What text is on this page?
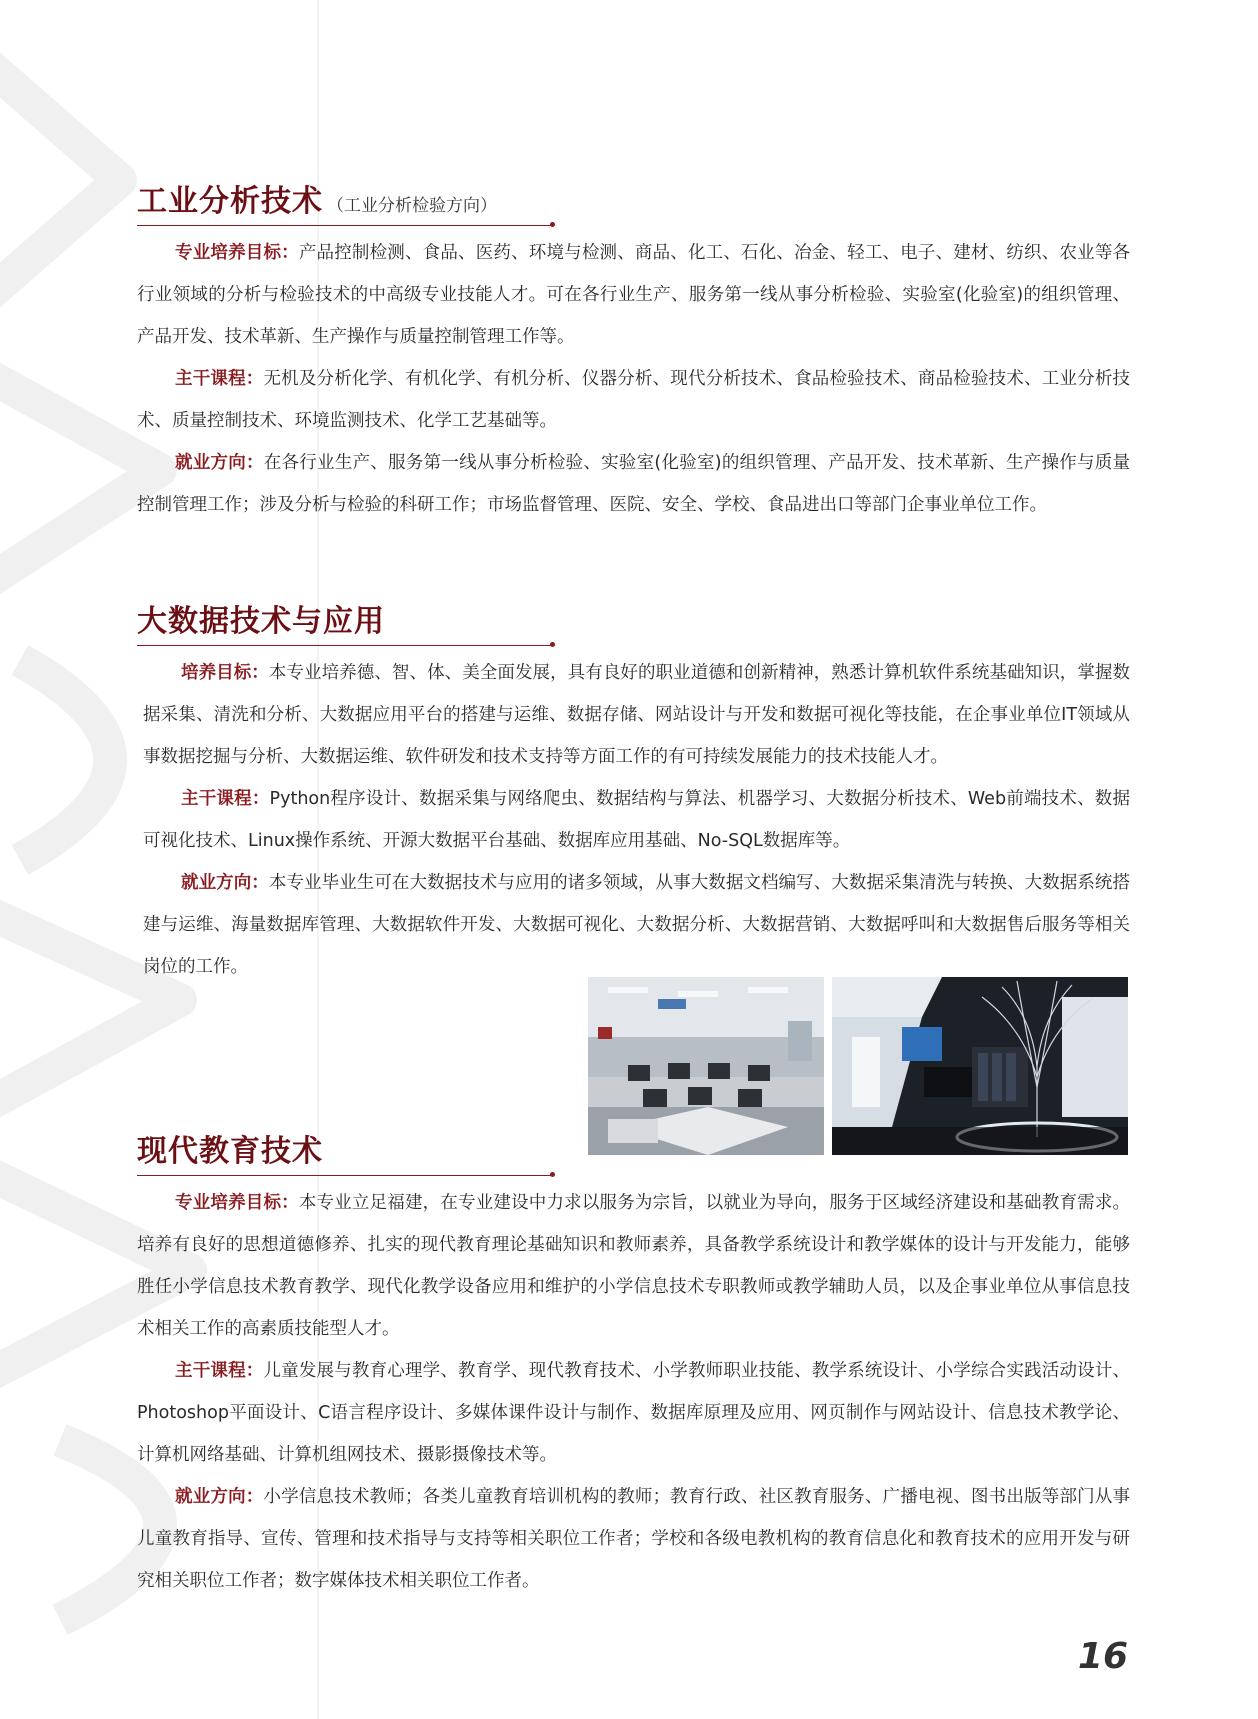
工业分析技术 （工业分析检验方向）

专业培养目标：产品控制检测、食品、医药、环境与检测、商品、化工、石化、冶金、轻工、电子、建材、纺织、农业等各行业领域的分析与检验技术的中高级专业技能人才。可在各行业生产、服务第一线从事分析检验、实验室(化验室)的组织管理、产品开发、技术革新、生产操作与质量控制管理工作等。

主干课程：无机及分析化学、有机化学、有机分析、仪器分析、现代分析技术、食品检验技术、商品检验技术、工业分析技术、质量控制技术、环境监测技术、化学工艺基础等。

就业方向：在各行业生产、服务第一线从事分析检验、实验室(化验室)的组织管理、产品开发、技术革新、生产操作与质量控制管理工作；涉及分析与检验的科研工作；市场监督管理、医院、安全、学校、食品进出口等部门企事业单位工作。

大数据技术与应用

培养目标：本专业培养德、智、体、美全面发展，具有良好的职业道德和创新精神，熟悉计算机软件系统基础知识，掌握数据采集、清洗和分析、大数据应用平台的搭建与运维、数据存储、网站设计与开发和数据可视化等技能，在企事业单位IT领域从事数据挖掘与分析、大数据运维、软件研发和技术支持等方面工作的有可持续发展能力的技术技能人才。

主干课程：Python程序设计、数据采集与网络爬虫、数据结构与算法、机器学习、大数据分析技术、Web前端技术、数据可视化技术、Linux操作系统、开源大数据平台基础、数据库应用基础、No-SQL数据库等。

就业方向：本专业毕业生可在大数据技术与应用的诸多领域，从事大数据文档编写、大数据采集清洗与转换、大数据系统搭建与运维、海量数据库管理、大数据软件开发、大数据可视化、大数据分析、大数据营销、大数据呼叫和大数据售后服务等相关岗位的工作。

现代教育技术

专业培养目标：本专业立足福建，在专业建设中力求以服务为宗旨，以就业为导向，服务于区域经济建设和基础教育需求。培养有良好的思想道德修养、扎实的现代教育理论基础知识和教师素养，具备教学系统设计和教学媒体的设计与开发能力，能够胜任小学信息技术教育教学、现代化教学设备应用和维护的小学信息技术专职教师或教学辅助人员，以及企事业单位从事信息技术相关工作的高素质技能型人才。

主干课程：儿童发展与教育心理学、教育学、现代教育技术、小学教师职业技能、教学系统设计、小学综合实践活动设计、Photoshop平面设计、C语言程序设计、多媒体课件设计与制作、数据库原理及应用、网页制作与网站设计、信息技术教学论、计算机网络基础、计算机组网技术、摄影摄像技术等。

就业方向：小学信息技术教师；各类儿童教育培训机构的教师；教育行政、社区教育服务、广播电视、图书出版等部门从事儿童教育指导、宣传、管理和技术指导与支持等相关职位工作者；学校和各级电教机构的教育信息化和教育技术的应用开发与研究相关职位工作者；数字媒体技术相关职位工作者。

16
